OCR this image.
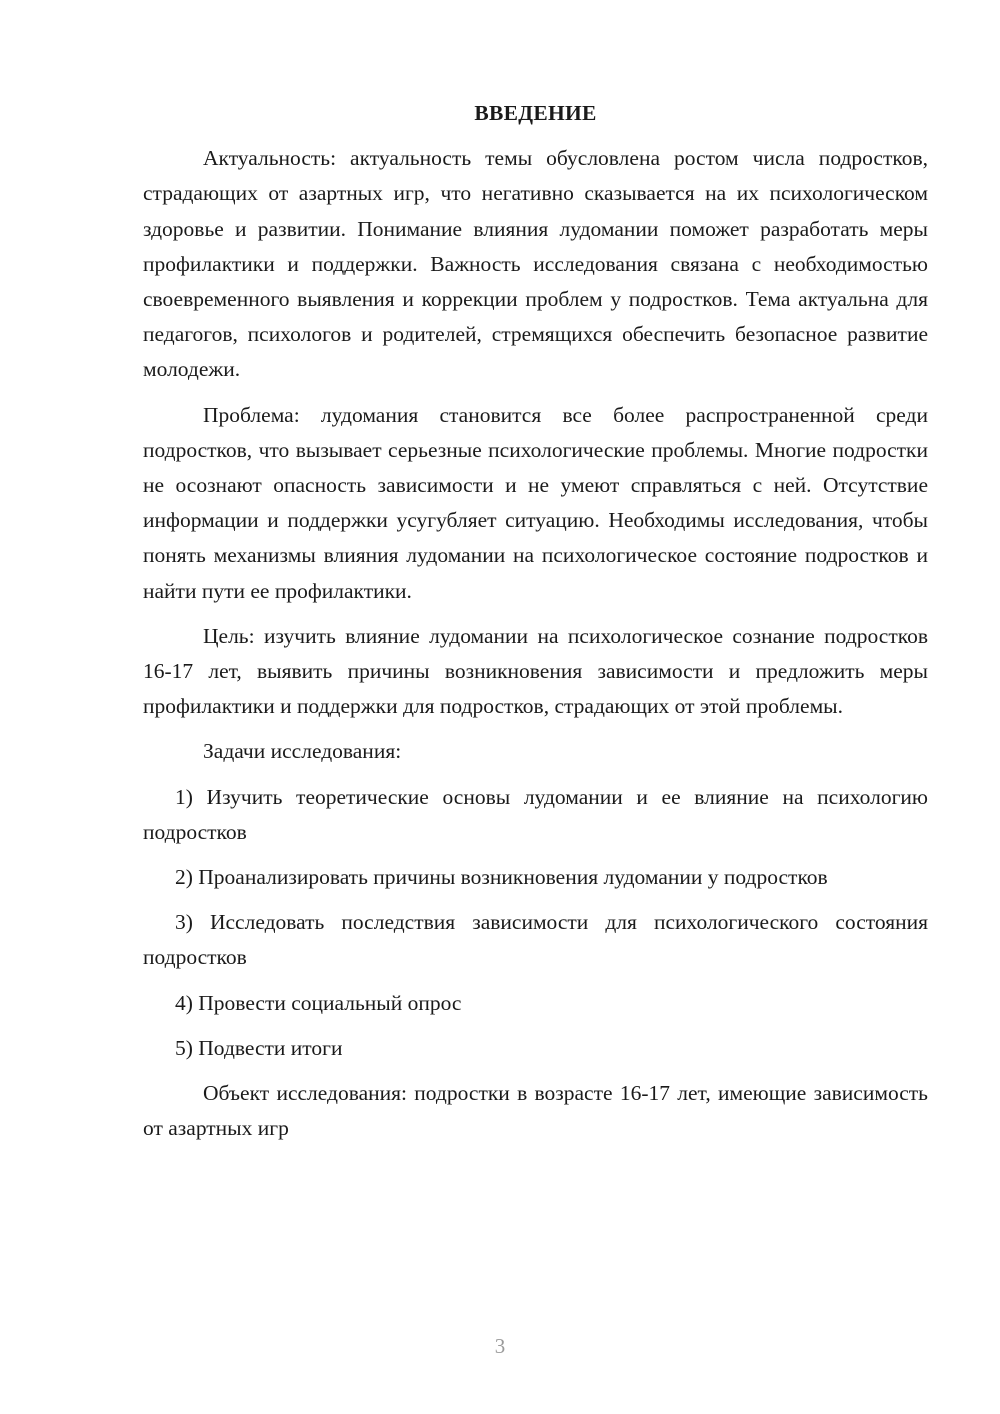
ВВЕДЕНИЕ

Актуальность: актуальность темы обусловлена ростом числа подростков, страдающих от азартных игр, что негативно сказывается на их психологическом здоровье и развитии. Понимание влияния лудомании поможет разработать меры профилактики и поддержки. Важность исследования связана с необходимостью своевременного выявления и коррекции проблем у подростков. Тема актуальна для педагогов, психологов и родителей, стремящихся обеспечить безопасное развитие молодежи.

Проблема: лудомания становится все более распространенной среди подростков, что вызывает серьезные психологические проблемы. Многие подростки не осознают опасность зависимости и не умеют справляться с ней. Отсутствие информации и поддержки усугубляет ситуацию. Необходимы исследования, чтобы понять механизмы влияния лудомании на психологическое состояние подростков и найти пути ее профилактики.

Цель: изучить влияние лудомании на психологическое сознание подростков 16-17 лет, выявить причины возникновения зависимости и предложить меры профилактики и поддержки для подростков, страдающих от этой проблемы.

Задачи исследования:

1) Изучить теоретические основы лудомании и ее влияние на психологию подростков

2) Проанализировать причины возникновения лудомании у подростков

3) Исследовать последствия зависимости для психологического состояния подростков

4) Провести социальный опрос

5) Подвести итоги

Объект исследования: подростки в возрасте 16-17 лет, имеющие зависимость от азартных игр

3
